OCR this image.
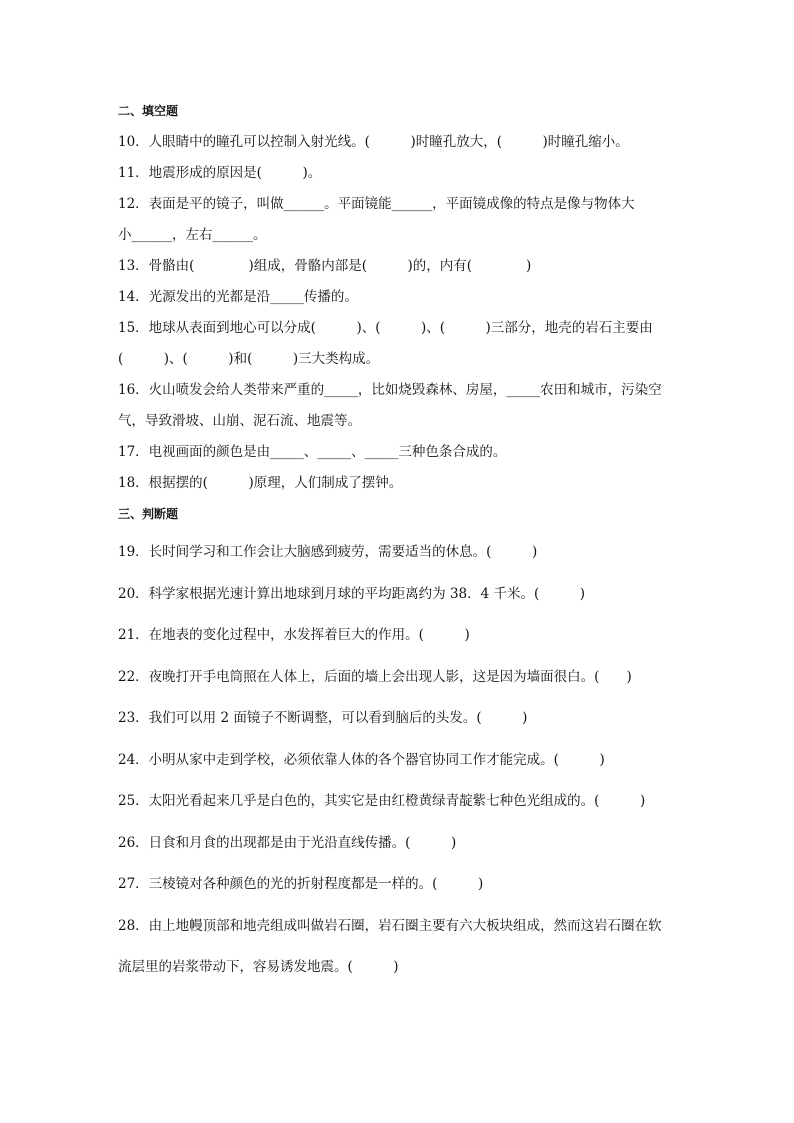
二、填空题
10．人眼睛中的瞳孔可以控制入射光线。(　　　)时瞳孔放大，(　　　)时瞳孔缩小。
11．地震形成的原因是(　　　)。
12．表面是平的镜子，叫做______。平面镜能______，平面镜成像的特点是像与物体大
小______，左右______。
13．骨骼由(　　　　)组成，骨骼内部是(　　　)的，内有(　　　　)
14．光源发出的光都是沿_____传播的。
15．地球从表面到地心可以分成(　　　)、(　　　)、(　　　)三部分，地壳的岩石主要由
(　　　)、(　　　)和(　　　)三大类构成。
16．火山喷发会给人类带来严重的_____，比如烧毁森林、房屋，_____农田和城市，污染空
气，导致滑坡、山崩、泥石流、地震等。
17．电视画面的颜色是由_____、_____、_____三种色条合成的。
18．根据摆的(　　　)原理，人们制成了摆钟。
三、判断题
19．长时间学习和工作会让大脑感到疲劳，需要适当的休息。(　　　)
20．科学家根据光速计算出地球到月球的平均距离约为 38．4 千米。(　　　)
21．在地表的变化过程中，水发挥着巨大的作用。(　　　)
22．夜晚打开手电筒照在人体上，后面的墙上会出现人影，这是因为墙面很白。(　　)
23．我们可以用 2 面镜子不断调整，可以看到脑后的头发。(　　　)
24．小明从家中走到学校，必须依靠人体的各个器官协同工作才能完成。(　　　)
25．太阳光看起来几乎是白色的，其实它是由红橙黄绿青靛紫七种色光组成的。(　　　)
26．日食和月食的出现都是由于光沿直线传播。(　　　)
27．三棱镜对各种颜色的光的折射程度都是一样的。(　　　)
28．由上地幔顶部和地壳组成叫做岩石圈，岩石圈主要有六大板块组成，然而这岩石圈在软
流层里的岩浆带动下，容易诱发地震。(　　　)
